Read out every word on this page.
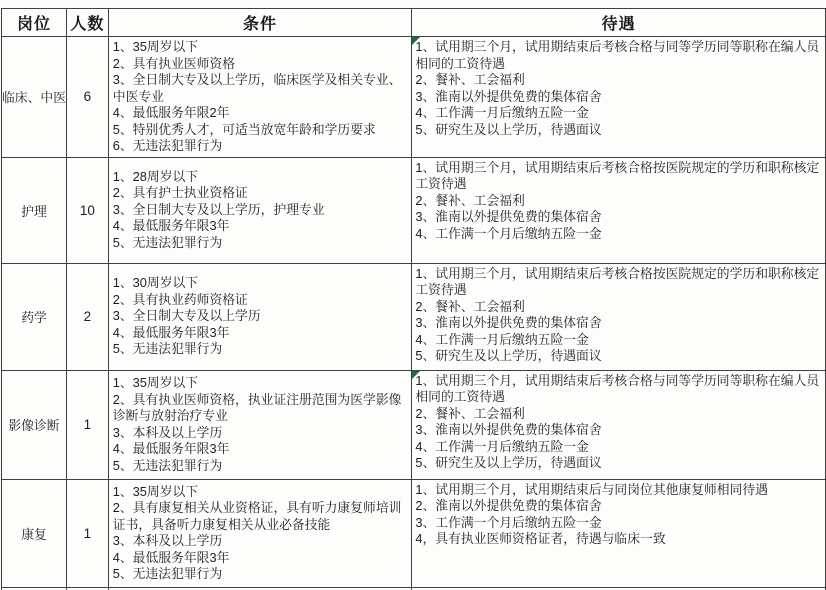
岗位	人数	条件	待遇
临床、中医	6	
1、35周岁以下
2、具有执业医师资格
3、全日制大专及以上学历，临床医学及相关专业、中医专业
4、最低服务年限2年
5、特别优秀人才，可适当放宽年龄和学历要求
6、无违法犯罪行为

1、试用期三个月，试用期结束后考核合格与同等学历同等职称在编人员相同的工资待遇
2、餐补、工会福利
3、淮南以外提供免费的集体宿舍
4、工作满一月后缴纳五险一金
5、研究生及以上学历，待遇面议

护理	10	
1、28周岁以下
2、具有护士执业资格证
3、全日制大专及以上学历，护理专业
4、最低服务年限3年
5、无违法犯罪行为

1、试用期三个月，试用期结束后考核合格按医院规定的学历和职称核定工资待遇
2、餐补、工会福利
3、淮南以外提供免费的集体宿舍
4、工作满一个月后缴纳五险一金

药学	2	
1、30周岁以下
2、具有执业药师资格证
3、全日制大专及以上学历
4、最低服务年限3年
5、无违法犯罪行为

1、试用期三个月，试用期结束后考核合格按医院规定的学历和职称核定工资待遇
2、餐补、工会福利
3、淮南以外提供免费的集体宿舍
4、工作满一月后缴纳五险一金
5、研究生及以上学历，待遇面议

影像诊断	1	
1、35周岁以下
2、具有执业医师资格，执业证注册范围为医学影像诊断与放射治疗专业
3、本科及以上学历
4、最低服务年限3年
5、无违法犯罪行为

1、试用期三个月，试用期结束后考核合格与同等学历同等职称在编人员相同的工资待遇
2、餐补、工会福利
3、淮南以外提供免费的集体宿舍
4、工作满一月后缴纳五险一金
5、研究生及以上学历，待遇面议

康复	1	
1、35周岁以下
2、具有康复相关从业资格证，具有听力康复师培训证书，具备听力康复相关从业必备技能
3、本科及以上学历
4、最低服务年限3年
5、无违法犯罪行为

1、试用期三个月，试用期结束后与同岗位其他康复师相同待遇
2、淮南以外提供免费的集体宿舍
3、工作满一个月后缴纳五险一金
4，具有执业医师资格证者，待遇与临床一致
